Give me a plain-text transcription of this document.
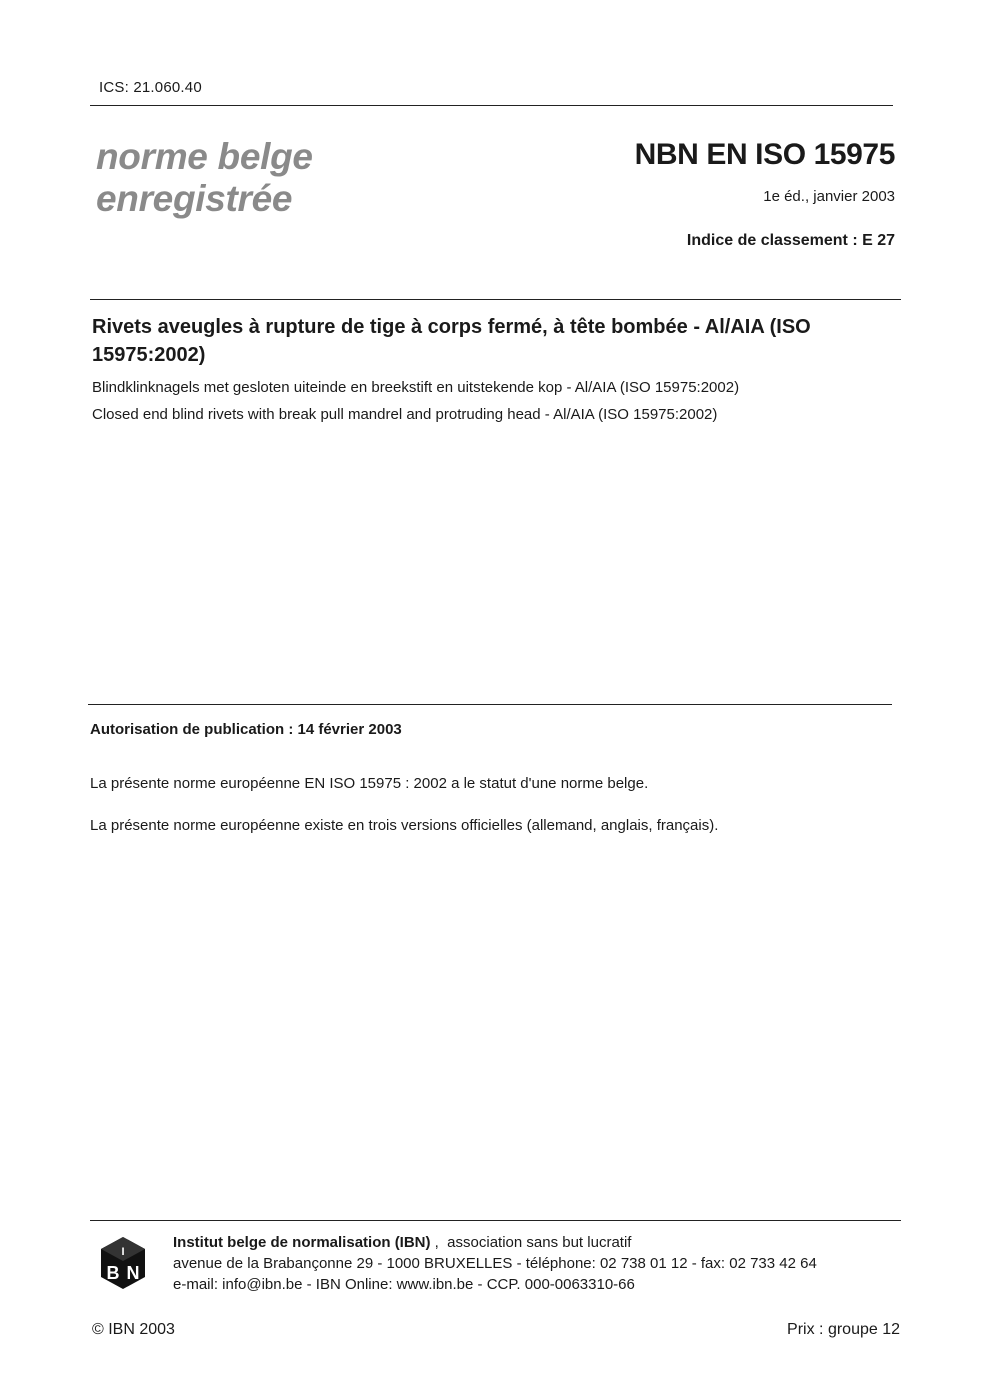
ICS: 21.060.40
norme belge
enregistrée
NBN EN ISO 15975
1e éd., janvier 2003
Indice de classement : E 27
Rivets aveugles à rupture de tige à corps fermé, à tête bombée - Al/AIA (ISO 15975:2002)
Blindklinknagels met gesloten uiteinde en breekstift en uitstekende kop - Al/AIA (ISO 15975:2002)
Closed end blind rivets with break pull mandrel and protruding head - Al/AIA (ISO 15975:2002)
Autorisation de publication : 14 février 2003
La présente norme européenne EN ISO 15975 : 2002 a le statut d'une norme belge.
La présente norme européenne existe en trois versions officielles (allemand, anglais, français).
I
B N
Institut belge de normalisation (IBN) ,  association sans but lucratif
avenue de la Brabançonne 29 - 1000 BRUXELLES - téléphone: 02 738 01 12 - fax: 02 733 42 64
e-mail: info@ibn.be - IBN Online: www.ibn.be - CCP. 000-0063310-66
© IBN 2003	Prix : groupe 12
